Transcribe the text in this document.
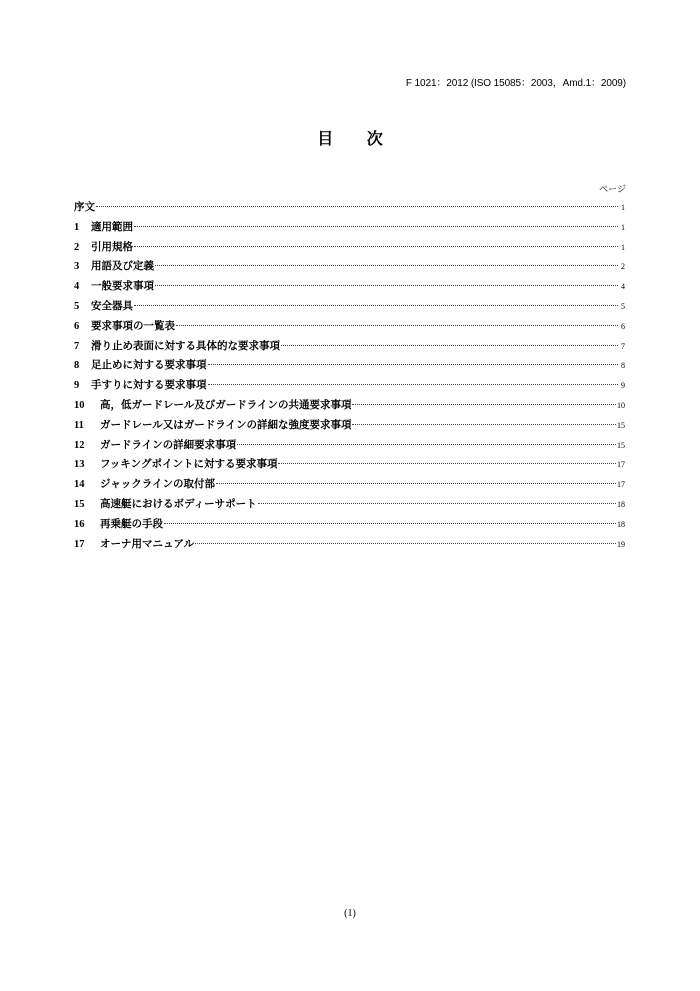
F 1021：2012 (ISO 15085：2003，Amd.1：2009)
目 次
ページ
序文	1
1	適用範囲	1
2	引用規格	1
3	用語及び定義	2
4	一般要求事項	4
5	安全器具	5
6	要求事項の一覧表	6
7	滑り止め表面に対する具体的な要求事項	7
8	足止めに対する要求事項	8
9	手すりに対する要求事項	9
10	高，低ガードレール及びガードラインの共通要求事項	10
11	ガードレール又はガードラインの詳細な強度要求事項	15
12	ガードラインの詳細要求事項	15
13	フッキングポイントに対する要求事項	17
14	ジャックラインの取付部	17
15	高速艇におけるボディーサポート	18
16	再乗艇の手段	18
17	オーナ用マニュアル	19
(1)
